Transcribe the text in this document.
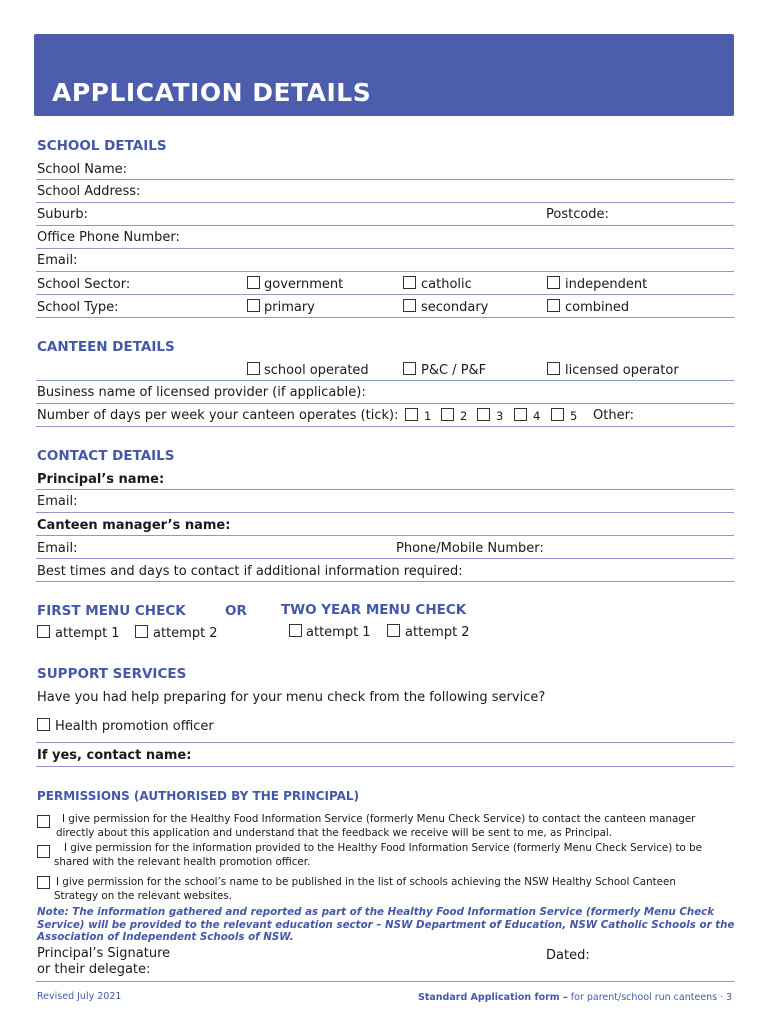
APPLICATION DETAILS
SCHOOL DETAILS
School Name:
School Address:
Suburb:	Postcode:
Office Phone Number:
Email:
School Sector:	government	catholic	independent
School Type:	primary	secondary	combined
CANTEEN DETAILS
school operated	P&C / P&F	licensed operator
Business name of licensed provider (if applicable):
Number of days per week your canteen operates (tick): 1 2 3	4	5 Other:
CONTACT DETAILS
Principal’s name:
Email:
Canteen manager’s name:
Email:	Phone/Mobile Number:
Best times and days to contact if additional information required:
FIRST MENU CHECK	OR	TWO YEAR MENU CHECK
attempt 1	attempt 2	attempt 1	attempt 2
SUPPORT SERVICES
Have you had help preparing for your menu check from the following service?
Health promotion officer
If yes, contact name:
PERMISSIONS (AUTHORISED BY THE PRINCIPAL)
I give permission for the Healthy Food Information Service (formerly Menu Check Service) to contact the canteen manager directly about this application and understand that the feedback we receive will be sent to me, as Principal.
I give permission for the information provided to the Healthy Food Information Service (formerly Menu Check Service) to be shared with the relevant health promotion officer.
I give permission for the school’s name to be published in the list of schools achieving the NSW Healthy School Canteen Strategy on the relevant websites.
Note: The information gathered and reported as part of the Healthy Food Information Service (formerly Menu Check Service) will be provided to the relevant education sector – NSW Department of Education, NSW Catholic Schools or the Association of Independent Schools of NSW.
Principal’s Signature
or their delegate:
Dated:
Revised July 2021	Standard Application form – for parent/school run canteens · 3
